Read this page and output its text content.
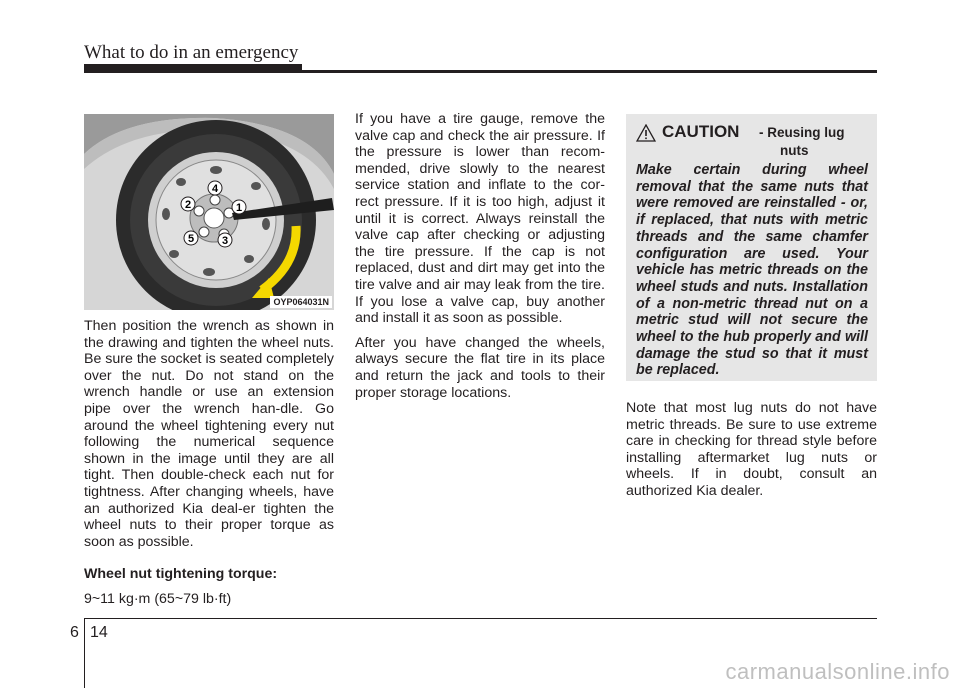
What to do in an emergency
1
2
3
4
5
OYP064031N

Then position the wrench as shown in the drawing and tighten the wheel nuts. Be sure the socket is seated completely over the nut. Do not stand on the wrench handle or use an extension pipe over the wrench han-dle. Go around the wheel tightening every nut following the numerical sequence shown in the image until they are all tight. Then double-check each nut for tightness. After changing wheels, have an authorized Kia deal-er tighten the wheel nuts to their proper torque as soon as possible.

Wheel nut tightening torque:

9~11 kg·m (65~79 lb·ft)

If you have a tire gauge, remove the valve cap and check the air pressure. If the pressure is lower than recom-mended, drive slowly to the nearest service station and inflate to the cor-rect pressure. If it is too high, adjust it until it is correct. Always reinstall the valve cap after checking or adjusting the tire pressure. If the cap is not replaced, dust and dirt may get into the tire valve and air may leak from the tire. If you lose a valve cap, buy another and install it as soon as possible.

After you have changed the wheels, always secure the flat tire in its place and return the jack and tools to their proper storage locations.

CAUTION - Reusing lug
nuts
Make certain during wheel removal that the same nuts that were removed are reinstalled - or, if replaced, that nuts with metric threads and the same chamfer configuration are used. Your vehicle has metric threads on the wheel studs and nuts. Installation of a non-metric thread nut on a metric stud will not secure the wheel to the hub properly and will damage the stud so that it must be replaced.

Note that most lug nuts do not have metric threads. Be sure to use extreme care in checking for thread style before installing aftermarket lug nuts or wheels. If in doubt, consult an authorized Kia dealer.

6 14
carmanualsonline.info
